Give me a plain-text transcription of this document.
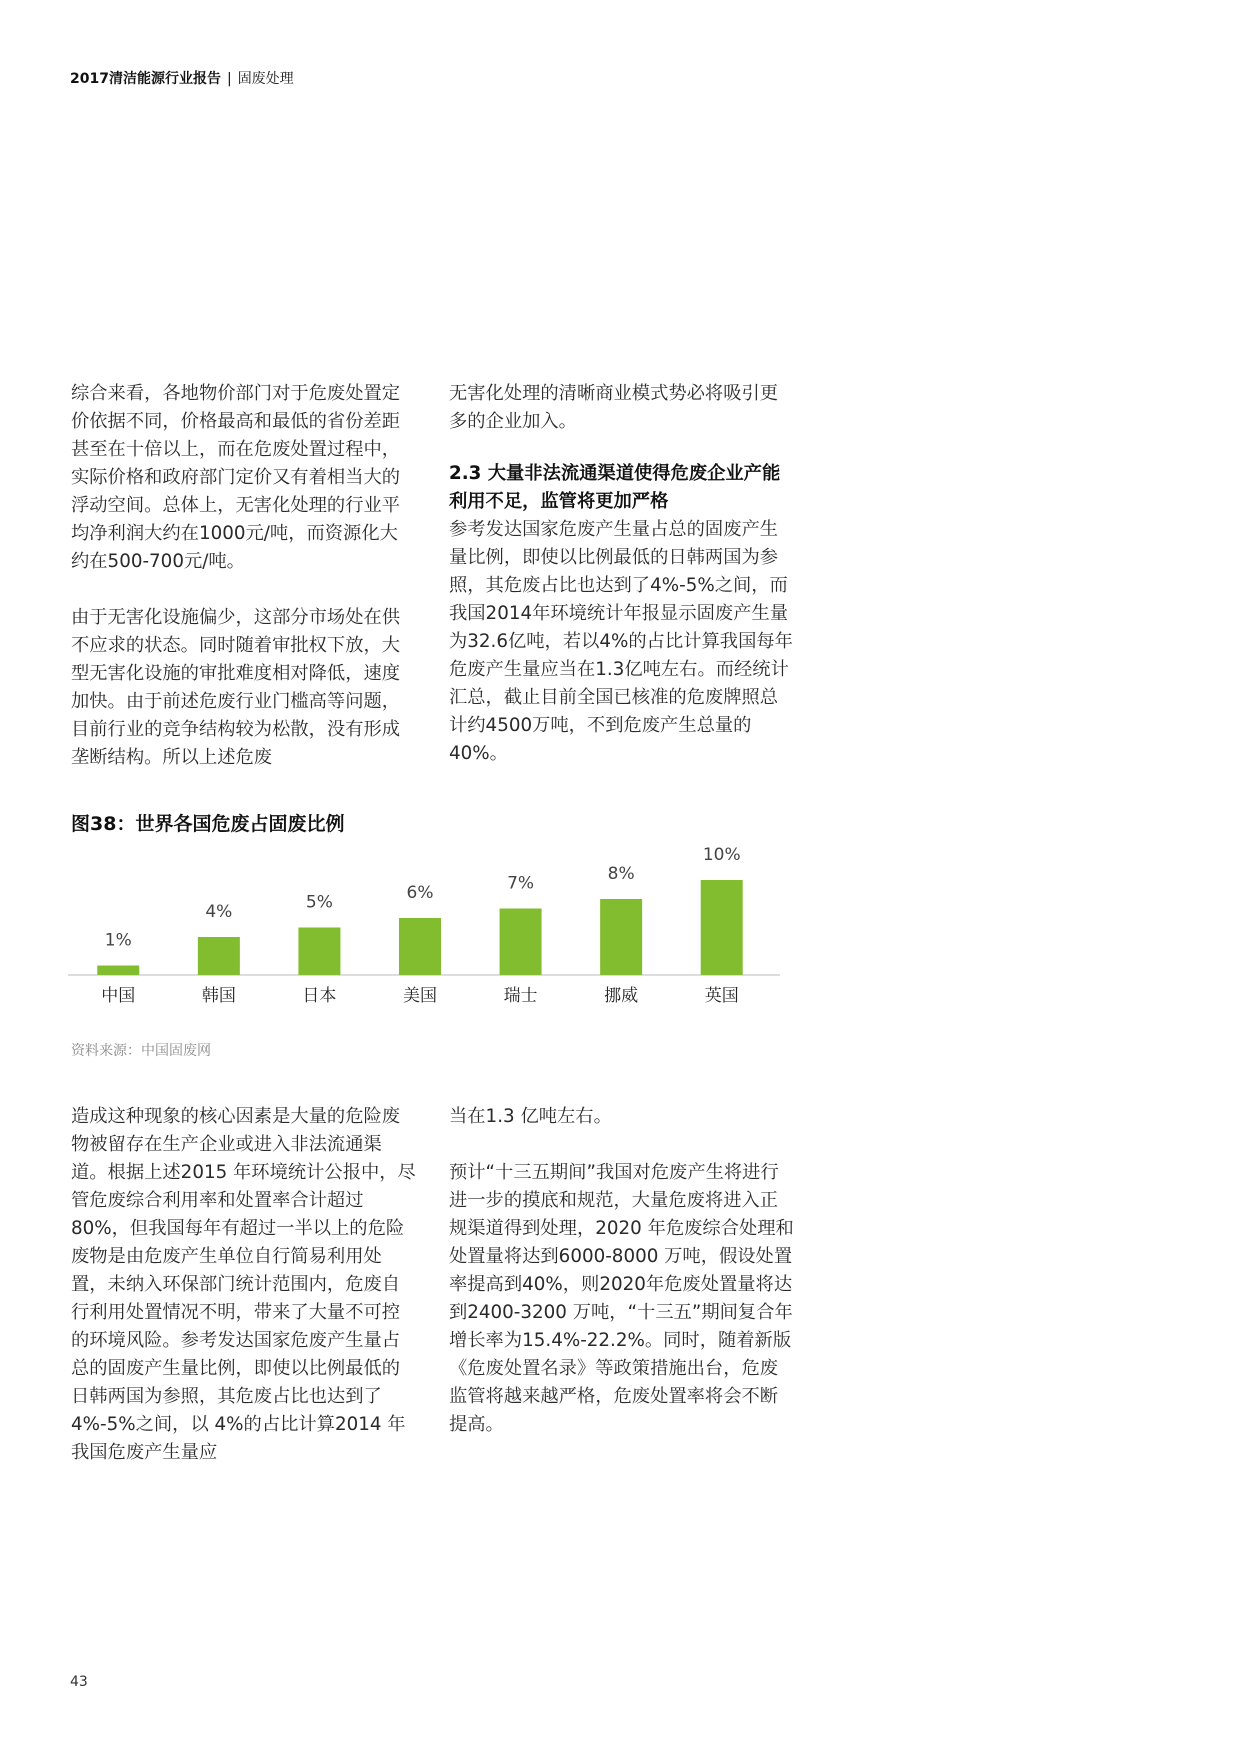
2017清洁能源行业报告 | 固废处理

综合来看，各地物价部门对于危废处置定价依据不同，价格最高和最低的省份差距甚至在十倍以上，而在危废处置过程中，实际价格和政府部门定价又有着相当大的浮动空间。总体上，无害化处理的行业平均净利润大约在1000元/吨，而资源化大约在500-700元/吨。

由于无害化设施偏少，这部分市场处在供不应求的状态。同时随着审批权下放，大型无害化设施的审批难度相对降低，速度加快。由于前述危废行业门槛高等问题，目前行业的竞争结构较为松散，没有形成垄断结构。所以上述危废

无害化处理的清晰商业模式势必将吸引更多的企业加入。

2.3 大量非法流通渠道使得危废企业产能利用不足，监管将更加严格

参考发达国家危废产生量占总的固废产生量比例，即使以比例最低的日韩两国为参照，其危废占比也达到了4%-5%之间，而我国2014年环境统计年报显示固废产生量为32.6亿吨，若以4%的占比计算我国每年危废产生量应当在1.3亿吨左右。而经统计汇总，截止目前全国已核准的危废牌照总计约4500万吨，不到危废产生总量的40%。

图38：世界各国危废占固废比例
1%
中国
4%
韩国
5%
日本
6%
美国
7%
瑞士
8%
挪威
10%
英国
资料来源：中国固废网

造成这种现象的核心因素是大量的危险废物被留存在生产企业或进入非法流通渠道。根据上述2015 年环境统计公报中，尽管危废综合利用率和处置率合计超过80%，但我国每年有超过一半以上的危险废物是由危废产生单位自行简易利用处置，未纳入环保部门统计范围内，危废自行利用处置情况不明，带来了大量不可控的环境风险。参考发达国家危废产生量占总的固废产生量比例，即使以比例最低的日韩两国为参照，其危废占比也达到了 4%-5%之间，以 4%的占比计算2014 年我国危废产生量应

当在1.3 亿吨左右。

预计“十三五期间”我国对危废产生将进行进一步的摸底和规范，大量危废将进入正规渠道得到处理，2020 年危废综合处理和处置量将达到6000-8000 万吨，假设处置率提高到40%，则2020年危废处置量将达到2400-3200 万吨，“十三五”期间复合年增长率为15.4%-22.2%。同时，随着新版《危废处置名录》等政策措施出台，危废监管将越来越严格，危废处置率将会不断提高。

43
